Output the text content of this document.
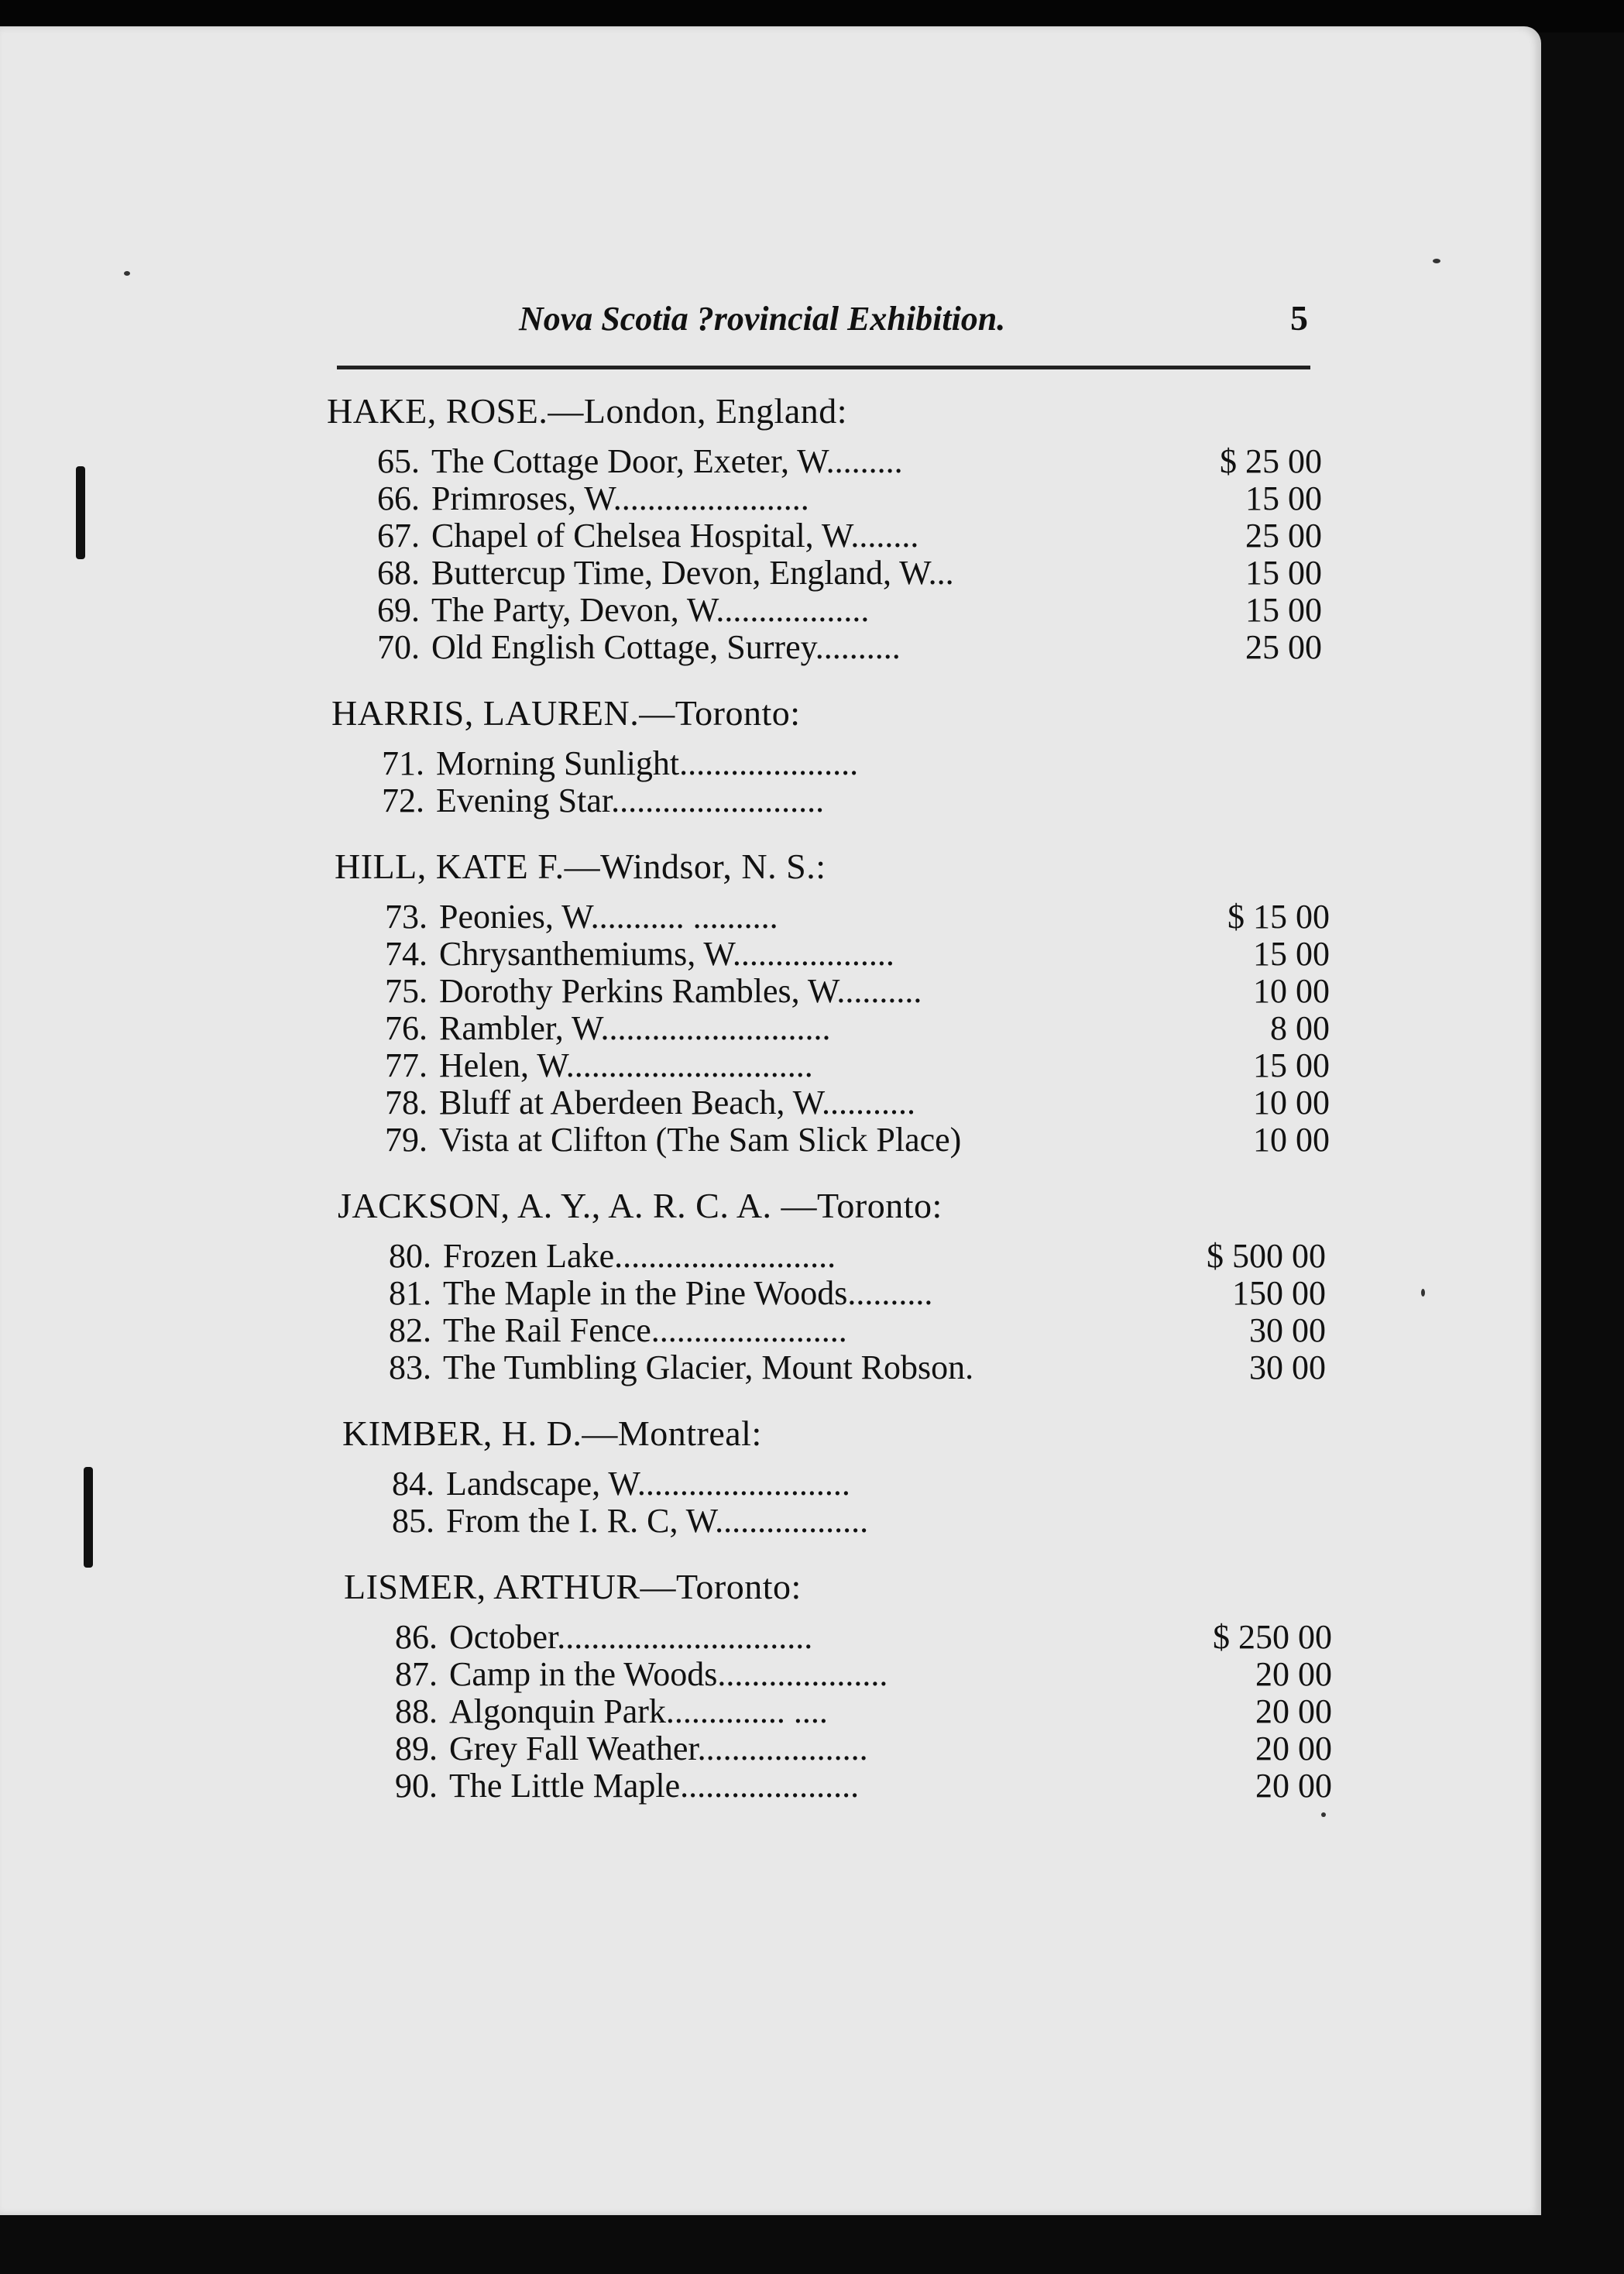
Nova Scotia ?rovincial Exhibition.	5
HAKE, ROSE.—London, England:
65. The Cottage Door, Exeter, W.........	$ 25 00
66. Primroses, W.......................	15 00
67. Chapel of Chelsea Hospital, W........	25 00
68. Buttercup Time, Devon, England, W...	15 00
69. The Party, Devon, W..................	15 00
70. Old English Cottage, Surrey..........	25 00
HARRIS, LAUREN.—Toronto:
71. Morning Sunlight.....................
72. Evening Star.........................
HILL, KATE F.—Windsor, N. S.:
73. Peonies, W........... ..........	$ 15 00
74. Chrysanthemiums, W...................	15 00
75. Dorothy Perkins Rambles, W..........	10 00
76. Rambler, W...........................	8 00
77. Helen, W.............................	15 00
78. Bluff at Aberdeen Beach, W...........	10 00
79. Vista at Clifton (The Sam Slick Place)	10 00
JACKSON, A. Y., A. R. C. A. —Toronto:
80. Frozen Lake..........................	$ 500 00
81. The Maple in the Pine Woods..........	150 00
82. The Rail Fence.......................	30 00
83. The Tumbling Glacier, Mount Robson.	30 00
KIMBER, H. D.—Montreal:
84. Landscape, W.........................
85. From the I. R. C, W..................
LISMER, ARTHUR—Toronto:
86. October..............................	$ 250 00
87. Camp in the Woods....................	20 00
88. Algonquin Park.............. ....	20 00
89. Grey Fall Weather....................	20 00
90. The Little Maple.....................	20 00
